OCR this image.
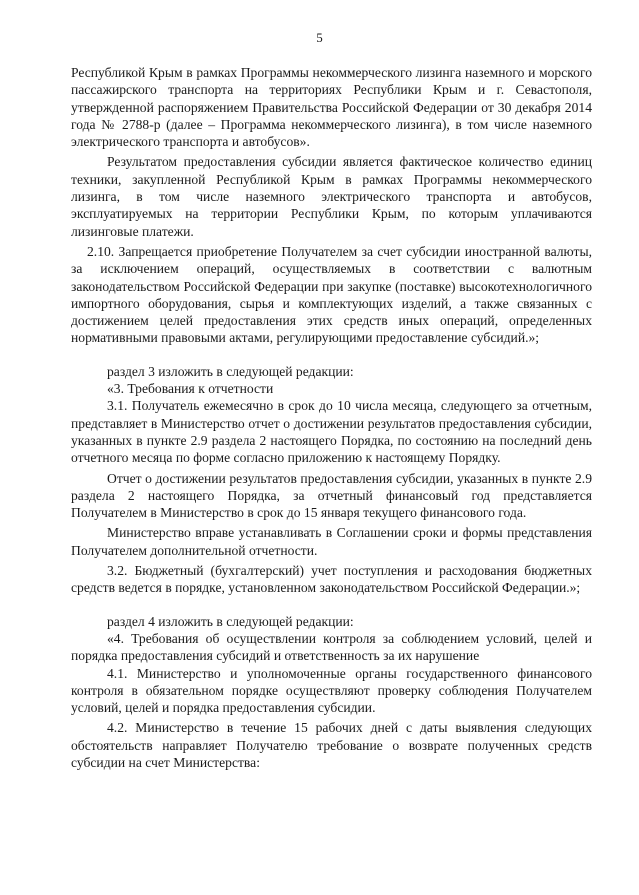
5

Республикой Крым в рамках Программы некоммерческого лизинга наземного и морского пассажирского транспорта на территориях Республики Крым и г. Севастополя, утвержденной распоряжением Правительства Российской Федерации от 30 декабря 2014 года № 2788-р (далее – Программа некоммерческого лизинга), в том числе наземного электрического транспорта и автобусов».

Результатом предоставления субсидии является фактическое количество единиц техники, закупленной Республикой Крым в рамках Программы некоммерческого лизинга, в том числе наземного электрического транспорта и автобусов, эксплуатируемых на территории Республики Крым, по которым уплачиваются лизинговые платежи.

2.10. Запрещается приобретение Получателем за счет субсидии иностранной валюты, за исключением операций, осуществляемых в соответствии с валютным законодательством Российской Федерации при закупке (поставке) высокотехнологичного импортного оборудования, сырья и комплектующих изделий, а также связанных с достижением целей предоставления этих средств иных операций, определенных нормативными правовыми актами, регулирующими предоставление субсидий.»;

раздел 3 изложить в следующей редакции:

«3. Требования к отчетности

3.1. Получатель ежемесячно в срок до 10 числа месяца, следующего за отчетным, представляет в Министерство отчет о достижении результатов предоставления субсидии, указанных в пункте 2.9 раздела 2 настоящего Порядка, по состоянию на последний день отчетного месяца по форме согласно приложению к настоящему Порядку.

Отчет о достижении результатов предоставления субсидии, указанных в пункте 2.9 раздела 2 настоящего Порядка, за отчетный финансовый год представляется Получателем в Министерство в срок до 15 января текущего финансового года.

Министерство вправе устанавливать в Соглашении сроки и формы представления Получателем дополнительной отчетности.

3.2. Бюджетный (бухгалтерский) учет поступления и расходования бюджетных средств ведется в порядке, установленном законодательством Российской Федерации.»;

раздел 4 изложить в следующей редакции:

«4. Требования об осуществлении контроля за соблюдением условий, целей и порядка предоставления субсидий и ответственность за их нарушение

4.1. Министерство и уполномоченные органы государственного финансового контроля в обязательном порядке осуществляют проверку соблюдения Получателем условий, целей и порядка предоставления субсидии.

4.2. Министерство в течение 15 рабочих дней с даты выявления следующих обстоятельств направляет Получателю требование о возврате полученных средств субсидии на счет Министерства:
